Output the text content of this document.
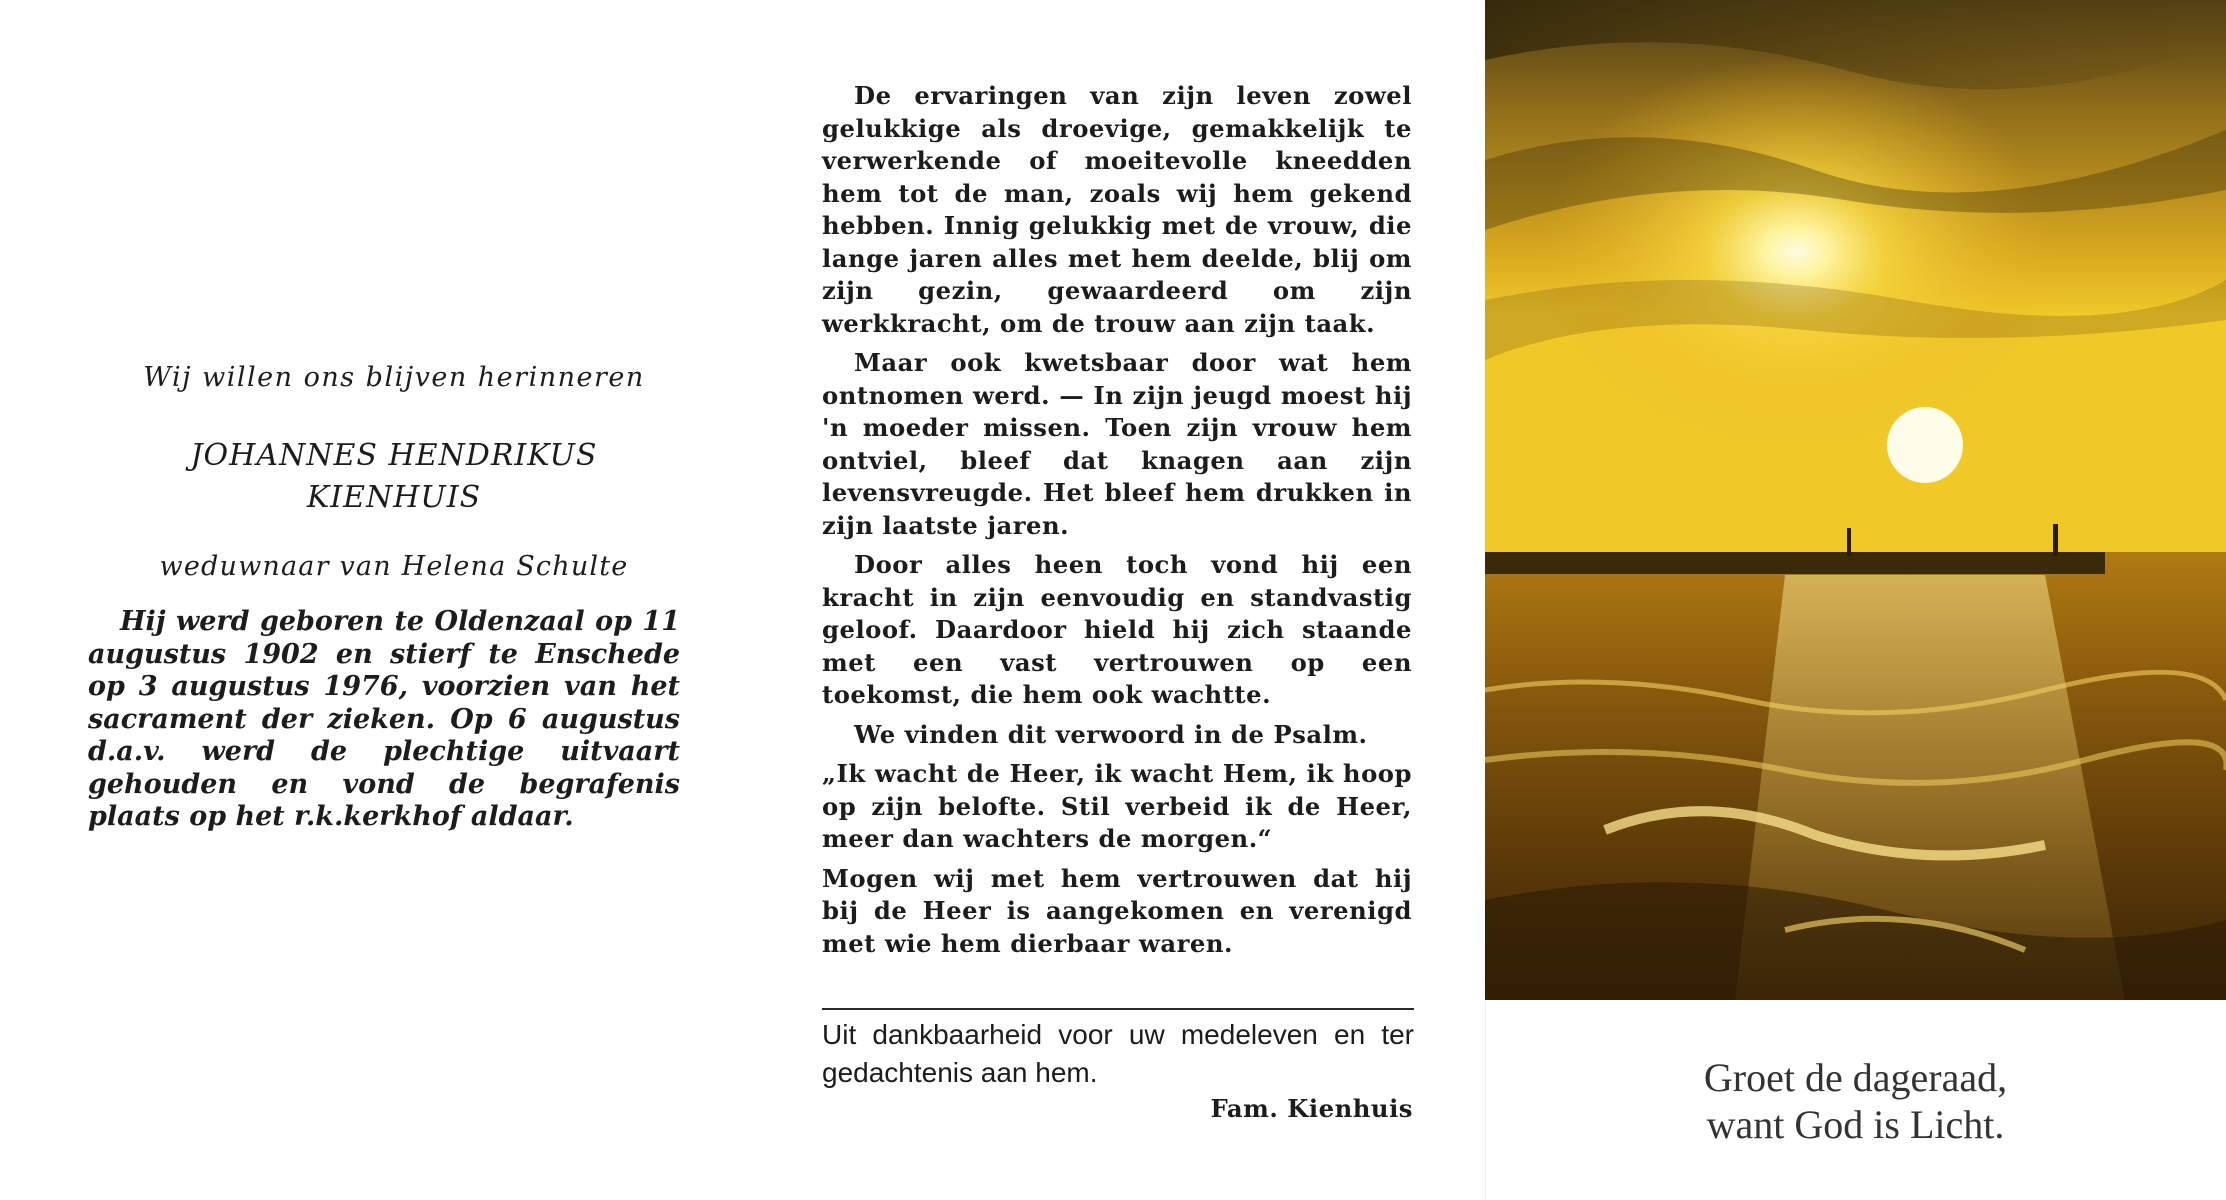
Wij willen ons blijven herinneren

JOHANNES HENDRIKUS
KIENHUIS

weduwnaar van Helena Schulte

Hij werd geboren te Oldenzaal op 11 augustus 1902 en stierf te Enschede op 3 augustus 1976, voorzien van het sacrament der zieken. Op 6 augustus d.a.v. werd de plechtige uitvaart gehouden en vond de begrafenis plaats op het r.k.kerkhof aldaar.

De ervaringen van zijn leven zowel gelukkige als droevige, gemakkelijk te verwerkende of moeitevolle kneedden hem tot de man, zoals wij hem gekend hebben. Innig gelukkig met de vrouw, die lange jaren alles met hem deelde, blij om zijn gezin, gewaardeerd om zijn werkkracht, om de trouw aan zijn taak.

Maar ook kwetsbaar door wat hem ontnomen werd. — In zijn jeugd moest hij 'n moeder missen. Toen zijn vrouw hem ontviel, bleef dat knagen aan zijn levensvreugde. Het bleef hem drukken in zijn laatste jaren.

Door alles heen toch vond hij een kracht in zijn eenvoudig en standvastig geloof. Daardoor hield hij zich staande met een vast vertrouwen op een toekomst, die hem ook wachtte.

We vinden dit verwoord in de Psalm.

„Ik wacht de Heer, ik wacht Hem, ik hoop op zijn belofte. Stil verbeid ik de Heer, meer dan wachters de morgen.“

Mogen wij met hem vertrouwen dat hij bij de Heer is aangekomen en verenigd met wie hem dierbaar waren.

Uit dankbaarheid voor uw medeleven en ter gedachtenis aan hem.

Fam. Kienhuis
Groet de dageraad,
want God is Licht.
